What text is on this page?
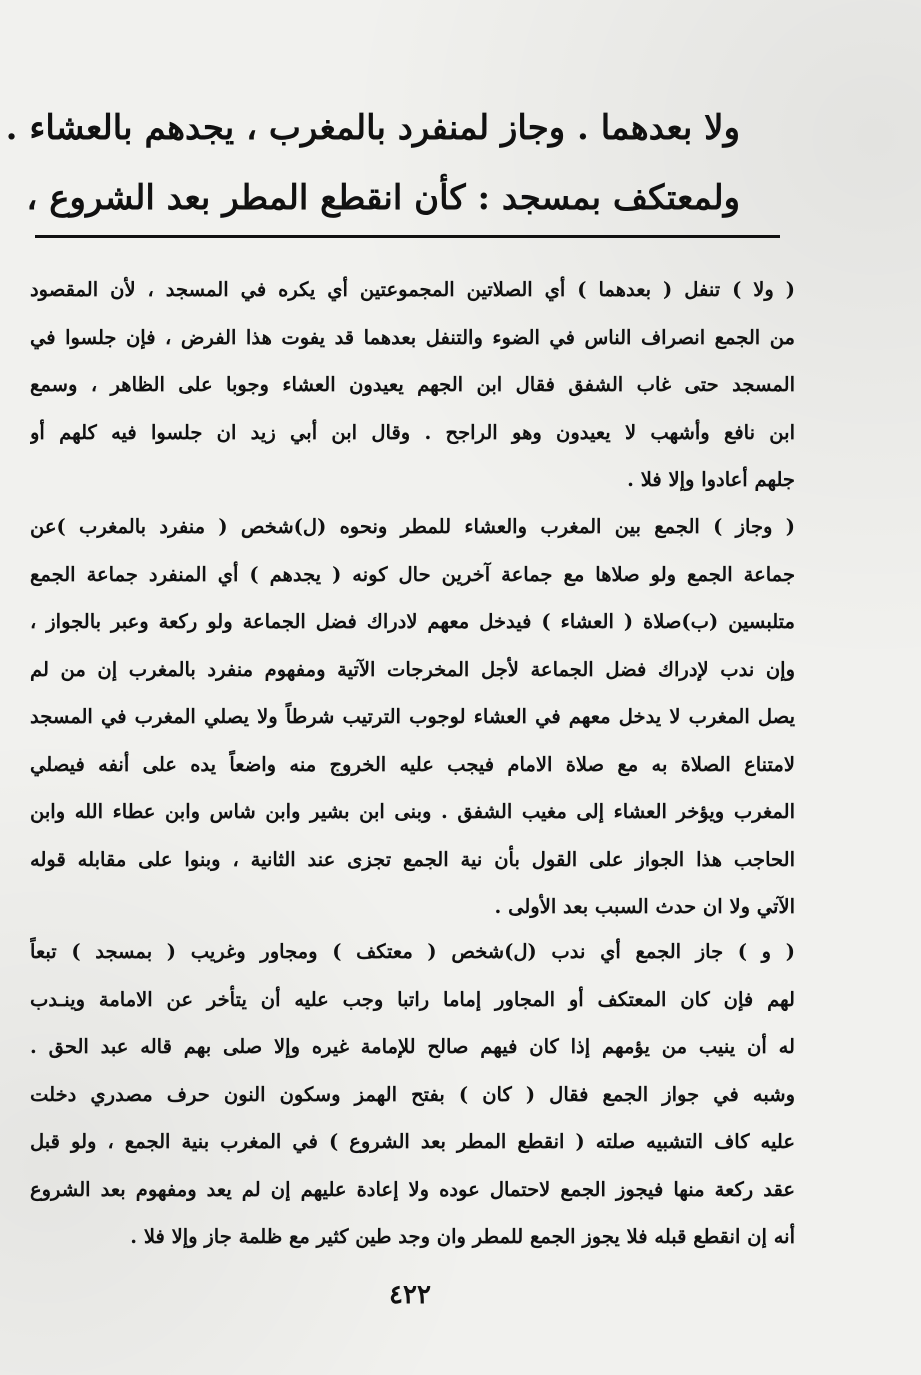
ولا بعدهما . وجاز لمنفرد بالمغرب ، يجدهم بالعشاء .
ولمعتكف بمسجد : كأن انقطع المطر بعد الشروع ،
( ولا ) تنفل ( بعدهما ) أي الصلاتين المجموعتين أي يكره في المسجد ، لأن المقصود
من الجمع انصراف الناس في الضوء والتنفل بعدهما قد يفوت هذا الفرض ، فإن جلسوا في
المسجد حتى غاب الشفق فقال ابن الجهم يعيدون العشاء وجوبا على الظاهر ، وسمع
ابن نافع وأشهب لا يعيدون وهو الراجح . وقال ابن أبي زيد ان جلسوا فيه كلهم أو
جلهم أعادوا وإلا فلا .
( وجاز ) الجمع بين المغرب والعشاء للمطر ونحوه (ل)شخص ( منفرد بالمغرب )عن
جماعة الجمع ولو صلاها مع جماعة آخرين حال كونه ( يجدهم ) أي المنفرد جماعة الجمع
متلبسين (ب)صلاة ( العشاء ) فيدخل معهم لادراك فضل الجماعة ولو ركعة وعبر بالجواز ،
وإن ندب لإدراك فضل الجماعة لأجل المخرجات الآتية ومفهوم منفرد بالمغرب إن من لم
يصل المغرب لا يدخل معهم في العشاء لوجوب الترتيب شرطاً ولا يصلي المغرب في المسجد
لامتناع الصلاة به مع صلاة الامام فيجب عليه الخروج منه واضعاً يده على أنفه فيصلي
المغرب ويؤخر العشاء إلى مغيب الشفق . وبنى ابن بشير وابن شاس وابن عطاء الله وابن
الحاجب هذا الجواز على القول بأن نية الجمع تجزى عند الثانية ، وبنوا على مقابله قوله
الآتي ولا ان حدث السبب بعد الأولى .
( و ) جاز الجمع أي ندب (ل)شخص ( معتكف ) ومجاور وغريب ( بمسجد ) تبعاً
لهم فإن كان المعتكف أو المجاور إماما راتبا وجب عليه أن يتأخر عن الامامة وينـدب
له أن ينيب من يؤمهم إذا كان فيهم صالح للإمامة غيره وإلا صلى بهم قاله عبد الحق .
وشبه في جواز الجمع فقال ( كان ) بفتح الهمز وسكون النون حرف مصدري دخلت
عليه كاف التشبيه صلته ( انقطع المطر بعد الشروع ) في المغرب بنية الجمع ، ولو قبل
عقد ركعة منها فيجوز الجمع لاحتمال عوده ولا إعادة عليهم إن لم يعد ومفهوم بعد الشروع
أنه إن انقطع قبله فلا يجوز الجمع للمطر وان وجد طين كثير مع ظلمة جاز وإلا فلا .
٤٢٢
